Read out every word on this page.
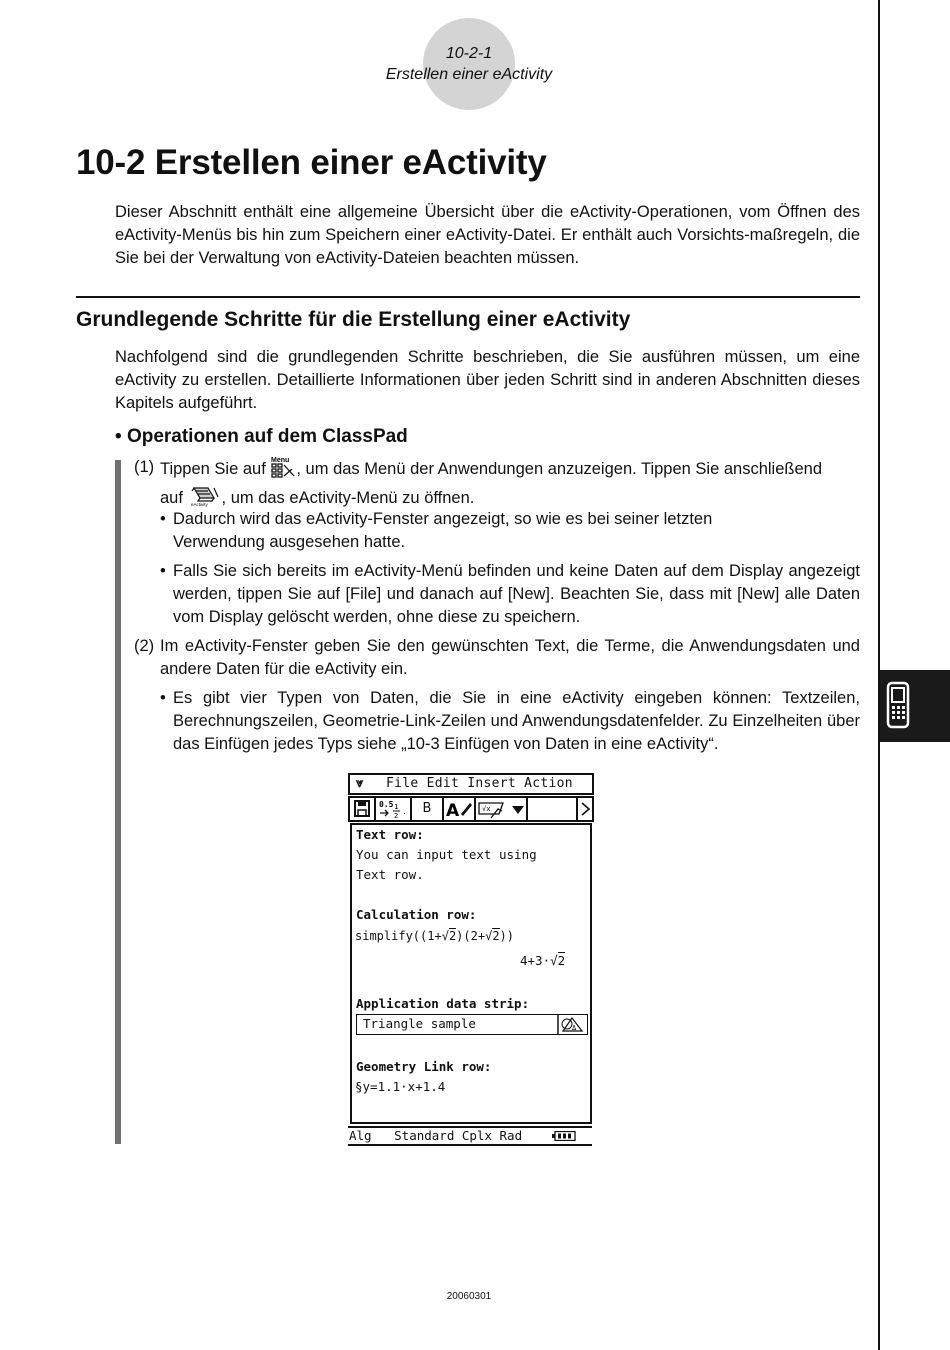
10-2-1
Erstellen einer eActivity
10-2 Erstellen einer eActivity

Dieser Abschnitt enthält eine allgemeine Übersicht über die eActivity-Operationen, vom Öffnen des eActivity-Menüs bis hin zum Speichern einer eActivity-Datei. Er enthält auch Vorsichts-maßregeln, die Sie bei der Verwaltung von eActivity-Dateien beachten müssen.

Grundlegende Schritte für die Erstellung einer eActivity

Nachfolgend sind die grundlegenden Schritte beschrieben, die Sie ausführen müssen, um eine eActivity zu erstellen. Detaillierte Informationen über jeden Schritt sind in anderen Abschnitten dieses Kapitels aufgeführt.

• Operationen auf dem ClassPad
(1) Tippen Sie auf Menu , um das Menü der Anwendungen anzuzeigen. Tippen Sie anschließend
auf eActivity , um das eActivity-Menü zu öffnen.
• Dadurch wird das eActivity-Fenster angezeigt, so wie es bei seiner letzten Verwendung ausgesehen hatte.
• Falls Sie sich bereits im eActivity-Menü befinden und keine Daten auf dem Display angezeigt werden, tippen Sie auf [File] und danach auf [New]. Beachten Sie, dass mit [New] alle Daten vom Display gelöscht werden, ohne diese zu speichern.
(2) Im eActivity-Fenster geben Sie den gewünschten Text, die Terme, die Anwendungsdaten und andere Daten für die eActivity ein.
• Es gibt vier Typen von Daten, die Sie in eine eActivity eingeben können: Textzeilen, Berechnungszeilen, Geometrie-Link-Zeilen und Anwendungsdatenfelder. Zu Einzelheiten über das Einfügen jedes Typs siehe „10-3 Einfügen von Daten in eine eActivity“.
⩔ File Edit Insert Action
0.5 1
2 ·	B A	√x
Text row:
You can input text using
Text row.
Calculation row:
simplify((1+√2)(2+√2))
4+3·√2
Application data strip:
Triangle sample	Δ
Geometry Link row:
§y=1.1·x+1.4
Alg   Standard Cplx Rad
20060301
